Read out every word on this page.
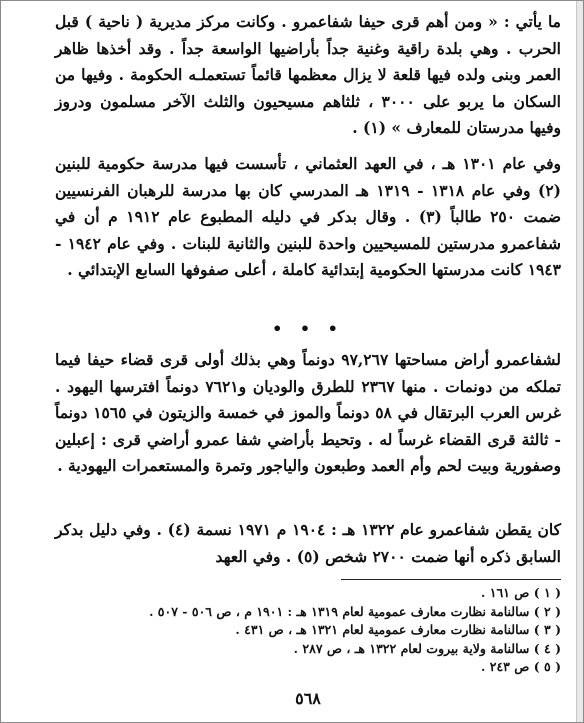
ما يأتي : « ومن أهم قرى حيفا شفاعمرو . وكانت مركز مديرية ( ناحية ) قبل الحرب . وهي بلدة راقية وغنية جداً بأراضيها الواسعة جداً . وقد أخذها ظاهر العمر وبنى ولده فيها قلعة لا يزال معظمها قائماً تستعملـه الحكومة . وفيها من السكان ما يربو على ٣٠٠٠ ، ثلثاهم مسيحيون والثلث الآخر مسلمون ودروز وفيها مدرستان للمعارف » (١) .

وفي عام ١٣٠١ هـ ، في العهد العثماني ، تأسست فيها مدرسة حكومية للبنين (٢) وفي عام ١٣١٨ - ١٣١٩ هـ المدرسي كان بها مدرسة للرهبان الفرنسيين ضمت ٢٥٠ طالباً (٣) . وقال بدكر في دليله المطبوع عام ١٩١٢ م أن في شفاعمرو مدرستين للمسيحيين واحدة للبنين والثانية للبنات . وفي عام ١٩٤٢ - ١٩٤٣ كانت مدرستها الحكومية إبتدائية كاملة ، أعلى صفوفها السابع الإبتدائي .

• • •

لشفاعمرو أراض مساحتها ٩٧,٢٦٧ دونماً وهي بذلك أولى قرى قضاء حيفا فيما تملكه من دونمات . منها ٢٣٦٧ للطرق والوديان و٧٦٢١ دونماً افترسها اليهود . غرس العرب البرتقال في ٥٨ دونماً والموز في خمسة والزيتون في ١٥٦٥ دونماً - ثالثة قرى القضاء غرساً له . وتحيط بأراضي شفا عمرو أراضي قرى : إعبلين وصفورية وبيت لحم وأم العمد وطبعون والياجور وتمرة والمستعمرات اليهودية .

كان يقطن شفاعمرو عام ١٣٢٢ هـ : ١٩٠٤ م ١٩٧١ نسمة (٤) . وفي دليل بدكر السابق ذكره أنها ضمت ٢٧٠٠ شخص (٥) . وفي العهد

( ١ ) ص ١٦١ .

( ٢ ) سالنامة نظارت معارف عمومية لعام ١٣١٩ هـ : ١٩٠١ م ، ص ٥٠٦ - ٥٠٧ .

( ٣ ) سالنامة نظارت معارف عمومية لعام ١٣٢١ هـ ، ص ٤٣١ .

( ٤ ) سالنامة ولاية بيروت لعام ١٣٢٢ هـ ، ص ٢٨٧ .

( ٥ ) ص ٢٤٣ .

٥٦٨
